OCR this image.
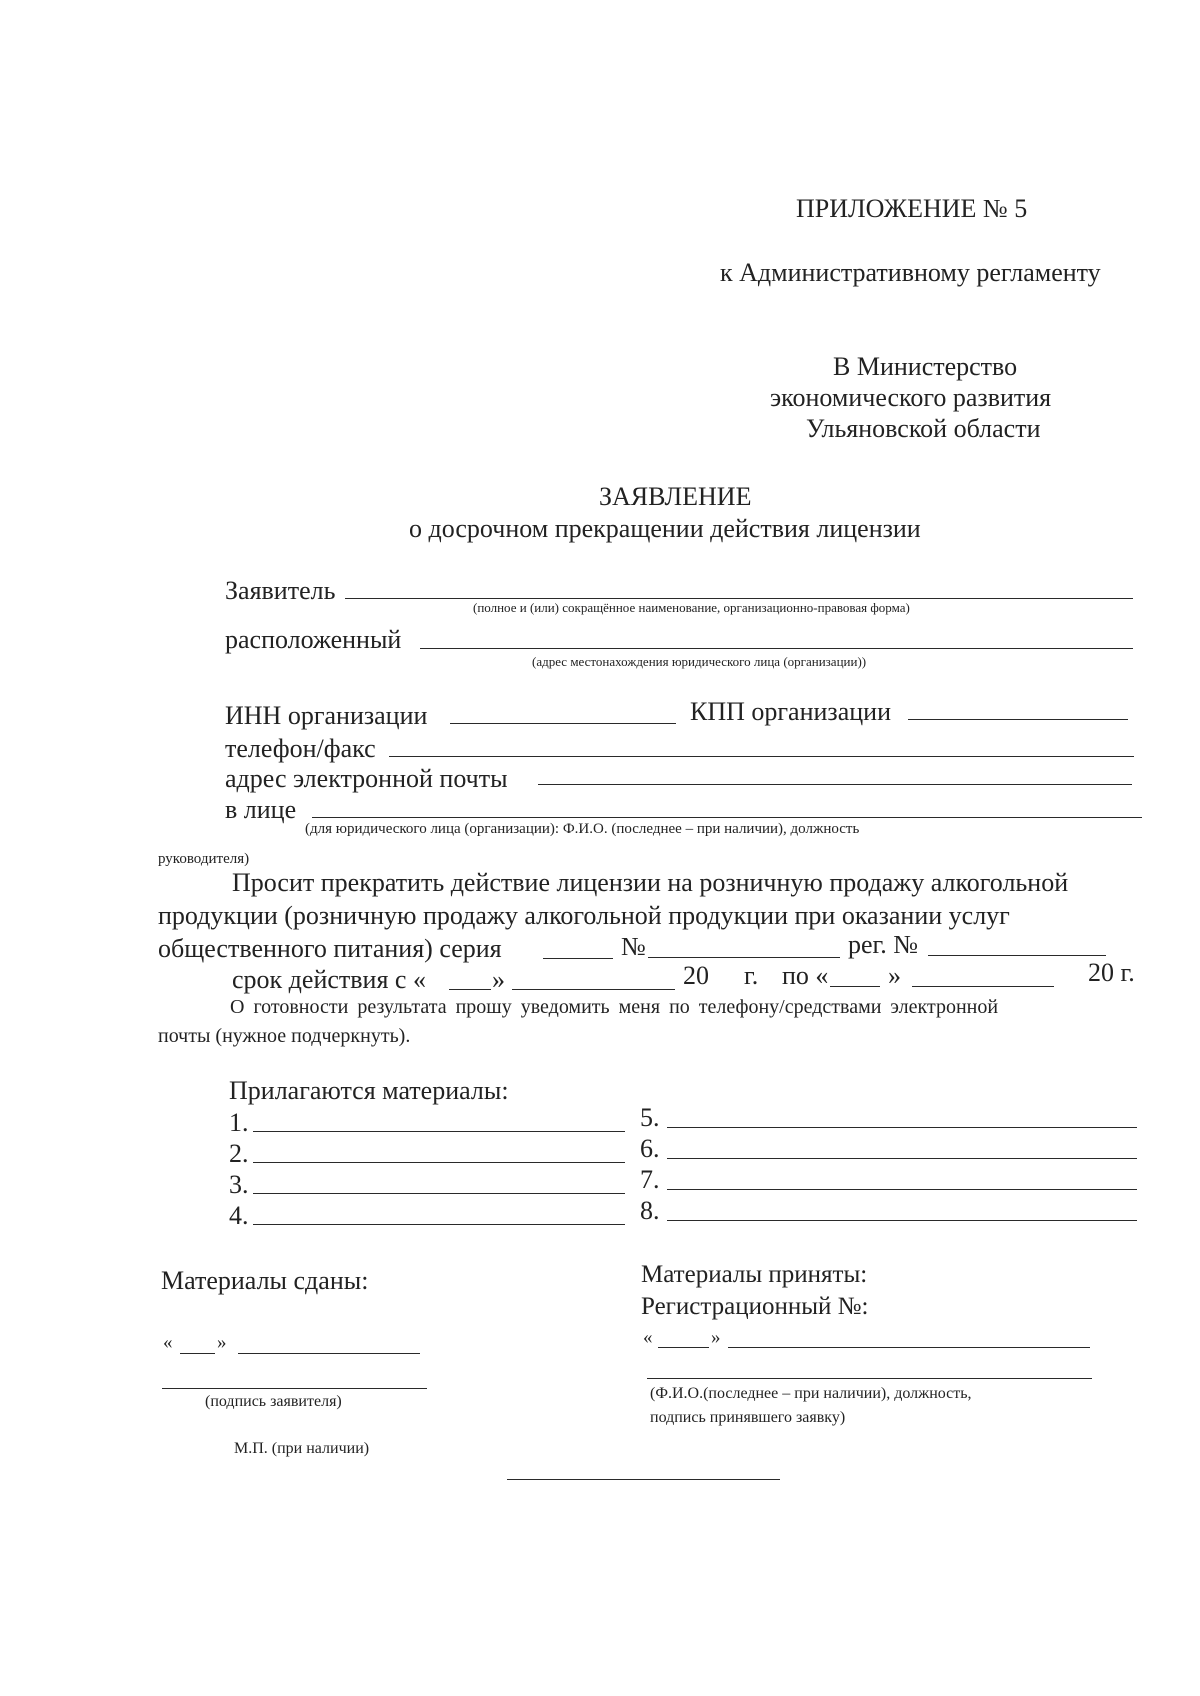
ПРИЛОЖЕНИЕ № 5
к Административному регламенту
В Министерство
экономического развития
Ульяновской области
ЗАЯВЛЕНИЕ
о досрочном прекращении действия лицензии
Заявитель
(полное и (или) сокращённое наименование, организационно-правовая форма)
расположенный
(адрес местонахождения юридического лица (организации))
ИНН организации	КПП организации
телефон/факс
адрес электронной почты
в лице
(для юридического лица (организации): Ф.И.О. (последнее – при наличии), должность
руководителя)
Просит прекратить действие лицензии на розничную продажу алкогольной
продукции (розничную продажу алкогольной продукции при оказании услуг
общественного питания) серия	№	рег. №
срок действия с «	»	20 г. по « »	20 г.
О готовности результата прошу уведомить меня по телефону/средствами электронной
почты (нужное подчеркнуть).
Прилагаются материалы:
1.
2.
3.
4.
5.
6.
7.
8.
Материалы сданы:
« »
(подпись заявителя)
М.П. (при наличии)
Материалы приняты:
Регистрационный №:
«	»
(Ф.И.О.(последнее – при наличии), должность,
подпись принявшего заявку)
